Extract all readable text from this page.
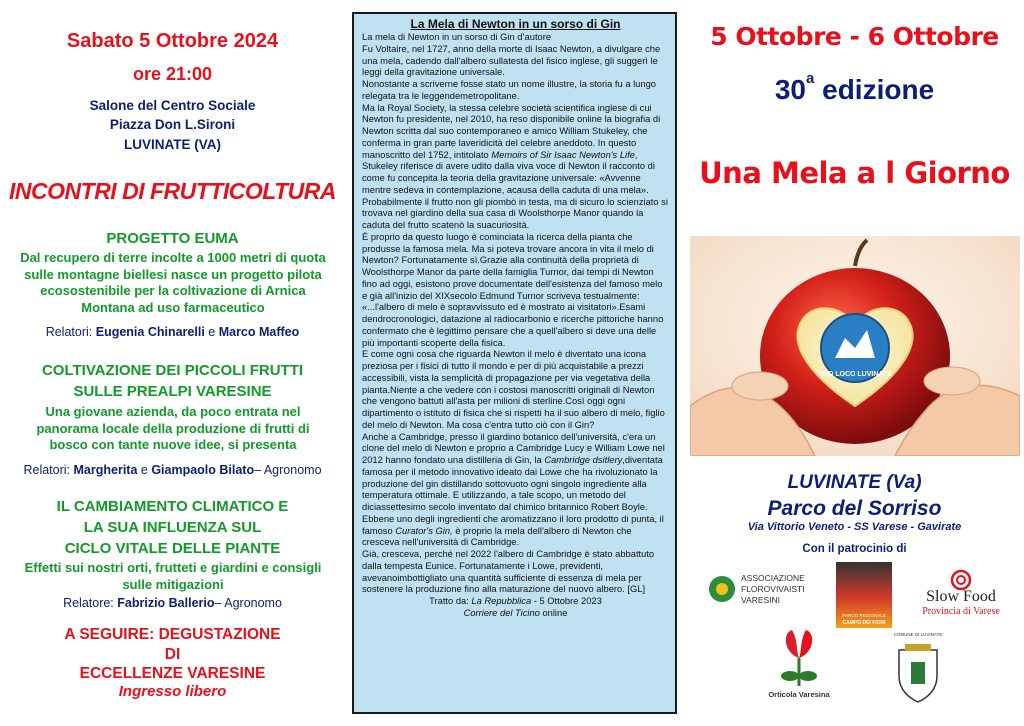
Sabato 5 Ottobre 2024
ore 21:00
Salone del Centro Sociale
Piazza Don L.Sironi
LUVINATE (VA)
INCONTRI DI FRUTTICOLTURA
PROGETTO EUMA
Dal recupero di terre incolte a 1000 metri di quota sulle montagne biellesi nasce un progetto pilota ecosostenibile per la coltivazione di Arnica Montana ad uso farmaceutico
Relatori: Eugenia Chinarelli e Marco Maffeo
COLTIVAZIONE DEI PICCOLI FRUTTI
SULLE PREALPI VARESINE
Una giovane azienda, da poco entrata nel panorama locale della produzione di frutti di bosco con tante nuove idee, si presenta
Relatori: Margherita e Giampaolo Bilato– Agronomo
IL CAMBIAMENTO CLIMATICO E
LA SUA INFLUENZA SUL
CICLO VITALE DELLE PIANTE
Effetti sui nostri orti, frutteti e giardini e consigli sulle mitigazioni
Relatore: Fabrizio Ballerio– Agronomo
A SEGUIRE: DEGUSTAZIONE
DI
ECCELLENZE VARESINE
Ingresso libero
La Mela di Newton in un sorso di Gin

La mela di Newton in un sorso di Gin d’autore

Fu Voltaire, nel 1727, anno della morte di Isaac Newton, a divulgare che una mela, cadendo dall'albero sullatesta del fisico inglese, gli suggerì le leggi della gravitazione universale.

Nonostante a scriverne fosse stato un nome illustre, la storia fu a lungo relegata tra le leggendemetropolitane.

Ma la Royal Society, la stessa celebre società scientifica inglese di cui Newton fu presidente, nel 2010, ha reso disponibile online la biografia di Newton scritta dal suo contemporaneo e amico William Stukeley, che conferma in gran parte laveridicità del celebre aneddoto. In questo manoscritto del 1752, intitolato Memoirs of Sir Isaac Newton's Life, Stukeley riferisce di avere udito dalla viva voce di Newton il racconto di come fu concepita la teoria della gravitazione universale: «Avvenne mentre sedeva in contemplazione, acausa della caduta di una mela».

Probabilmente il frutto non gli piombò in testa, ma di sicuro lo scienziato si trovava nel giardino della sua casa di Woolsthorpe Manor quando la caduta del frutto scatenò la suacuriosità.

È proprio da questo luogo è cominciata la ricerca della pianta che produsse la famosa mela. Ma si poteva trovare ancora in vita il melo di Newton? Fortunatamente sì.Grazie alla continuità della proprietà di Woolsthorpe Manor da parte della famiglia Turnor, dai tempi di Newton fino ad oggi, esistono prove documentate dell'esistenza del famoso melo e già all'inizio del XIXsecolo Edmund Turnor scriveva testualmente: «...l'albero di melo è sopravvissuto ed è mostrato ai visitatori».Esami dendrocronologici, datazione al radiocarbonio e ricerche pittoriche hanno confermato che è legittimo pensare che a quell'albero si deve una delle più importanti scoperte della fisica.

E come ogni cosa che riguarda Newton il melo è diventato una icona preziosa per i fisici di tutto il mondo e per di più acquistabile a prezzi accessibili, vista la semplicità di propagazione per via vegetativa della pianta.Niente a che vedere con i costosi manoscritti originali di Newton che vengono battuti all'asta per milioni di sterline.Così oggi ogni dipartimento o istituto di fisica che si rispetti ha il suo albero di melo, figlio del melo di Newton. Ma cosa c'entra tutto ciò con il Gin?

Anche a Cambridge, presso il giardino botanico dell'università, c'era un clone del melo di Newton e proprio a Cambridge Lucy e William Lowe nel 2012 hanno fondato una distilleria di Gin, la Cambridge dsitlery,diventata famosa per il metodo innovativo ideato dai Lowe che ha rivoluzionato la produzione del gin distillando sottovuoto ogni singolo ingrediente alla temperatura ottimale. E utilizzando, a tale scopo, un metodo del diciassettesimo secolo inventato dal chimico britannico Robert Boyle. Ebbene uno degli ingredienti che aromatizzano il loro prodotto di punta, il famoso Curator's Gin, è proprio la mela dell'albero di Newton che cresceva nell'università di Cambridge.

Già, cresceva, perché nel 2022 l'albero di Cambridge è stato abbattuto dalla tempesta Eunice. Fortunatamente i Lowe, previdenti, avevanoimbottigliato una quantità sufficiente di essenza di mela per sostenere la produzione fino alla maturazione del nuovo albero. [GL]

Tratto da: La Repubblica - 5 Ottobre 2023
Corriere del Ticino online
5 Ottobre - 6 Ottobre
30$^a$ edizione
Una Mela a l Giorno
LUVINATE (Va)
Parco del Sorriso
Via Vittorio Veneto - SS Varese - Gavirate
Con il patrocinio di
PRO LOCO LUVINATE
ASSOCIAZIONE
FLOROVIVAISTI
VARESINI
PARCO REGIONALE
CAMPO DEI FIORI
Slow Food
Provincia di Varese
Orticola Varesina
COMUNE DI LUVINATE
